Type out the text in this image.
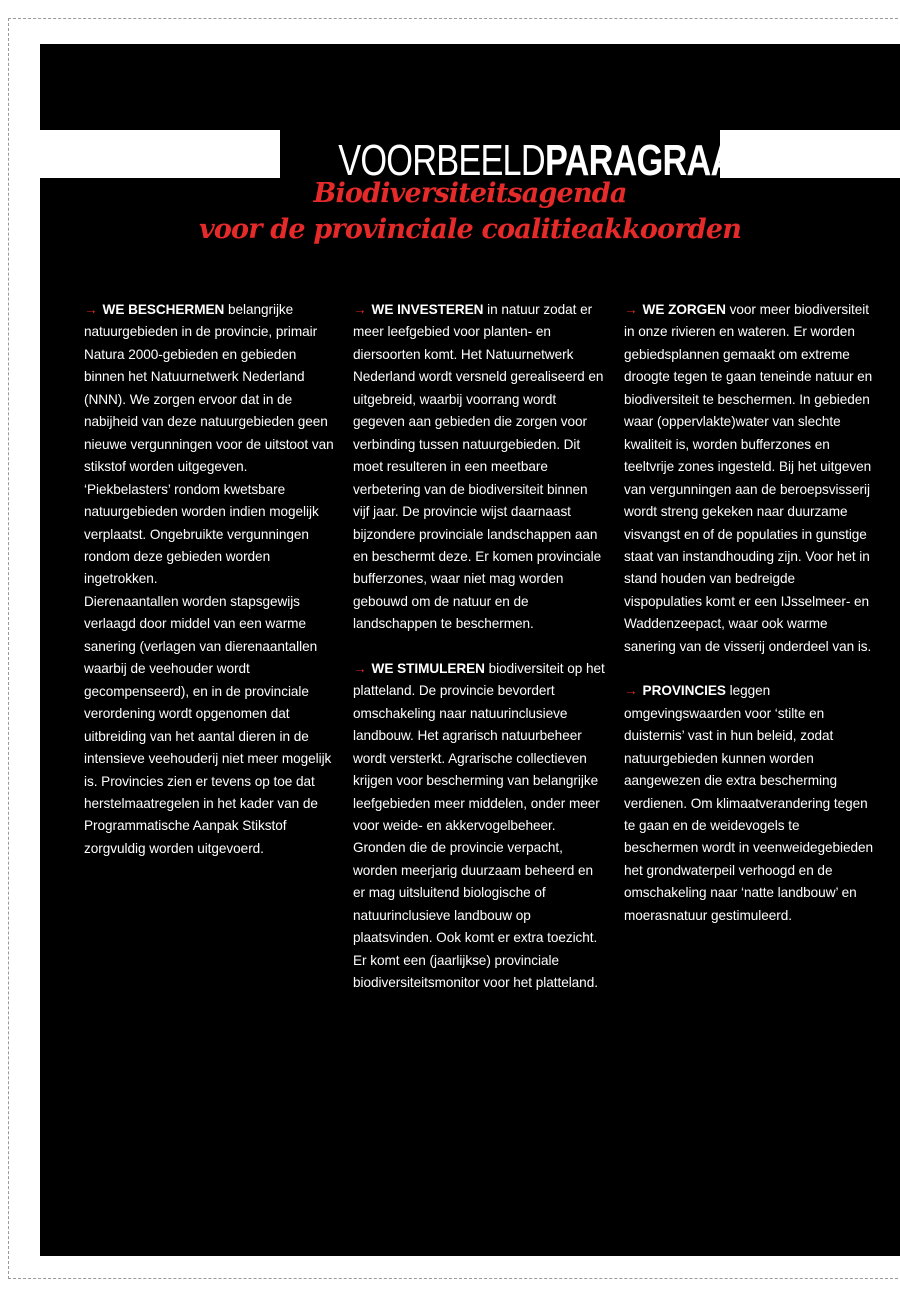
VOORBEELDPARAGRAAF
Biodiversiteitsagenda
voor de provinciale coalitieakkoorden

→ WE BESCHERMEN belangrijke natuurgebieden in de provincie, primair Natura 2000-gebieden en gebieden binnen het Natuurnetwerk Nederland (NNN). We zorgen ervoor dat in de nabijheid van deze natuurgebieden geen nieuwe vergunningen voor de uitstoot van stikstof worden uitgegeven. ‘Piekbelasters’ rondom kwetsbare natuurgebieden worden indien mogelijk verplaatst. Ongebruikte vergunningen rondom deze gebieden worden ingetrokken.

Dierenaantallen worden stapsgewijs verlaagd door middel van een warme sanering (verlagen van dierenaantallen waarbij de veehouder wordt gecompenseerd), en in de provinciale verordening wordt opgenomen dat uitbreiding van het aantal dieren in de intensieve veehouderij niet meer mogelijk is. Provincies zien er tevens op toe dat herstelmaatregelen in het kader van de Programmatische Aanpak Stikstof zorgvuldig worden uitgevoerd.

→ WE INVESTEREN in natuur zodat er meer leefgebied voor planten- en diersoorten komt. Het Natuurnetwerk Nederland wordt versneld gerealiseerd en uitgebreid, waarbij voorrang wordt gegeven aan gebieden die zorgen voor verbinding tussen natuurgebieden. Dit moet resulteren in een meetbare verbetering van de biodiversiteit binnen vijf jaar. De provincie wijst daarnaast bijzondere provinciale landschappen aan en beschermt deze. Er komen provinciale bufferzones, waar niet mag worden gebouwd om de natuur en de landschappen te beschermen.

→ WE STIMULEREN biodiversiteit op het platteland. De provincie bevordert omschakeling naar natuurinclusieve landbouw. Het agrarisch natuurbeheer wordt versterkt. Agrarische collectieven krijgen voor bescherming van belangrijke leefgebieden meer middelen, onder meer voor weide- en akkervogelbeheer. Gronden die de provincie verpacht, worden meerjarig duurzaam beheerd en er mag uitsluitend biologische of natuurinclusieve landbouw op plaatsvinden. Ook komt er extra toezicht. Er komt een (jaarlijkse) provinciale biodiversiteitsmonitor voor het platteland.

→ WE ZORGEN voor meer biodiversiteit in onze rivieren en wateren. Er worden gebiedsplannen gemaakt om extreme droogte tegen te gaan teneinde natuur en biodiversiteit te beschermen. In gebieden waar (oppervlakte)water van slechte kwaliteit is, worden bufferzones en teeltvrije zones ingesteld. Bij het uitgeven van vergunningen aan de beroepsvisserij wordt streng gekeken naar duurzame visvangst en of de populaties in gunstige staat van instandhouding zijn. Voor het in stand houden van bedreigde vispopulaties komt er een IJsselmeer- en Waddenzeepact, waar ook warme sanering van de visserij onderdeel van is.

→ PROVINCIES leggen omgevingswaarden voor ‘stilte en duisternis’ vast in hun beleid, zodat natuurgebieden kunnen worden aangewezen die extra bescherming verdienen. Om klimaatverandering tegen te gaan en de weidevogels te beschermen wordt in veenweidegebieden het grondwaterpeil verhoogd en de omschakeling naar ‘natte landbouw’ en moerasnatuur gestimuleerd.
